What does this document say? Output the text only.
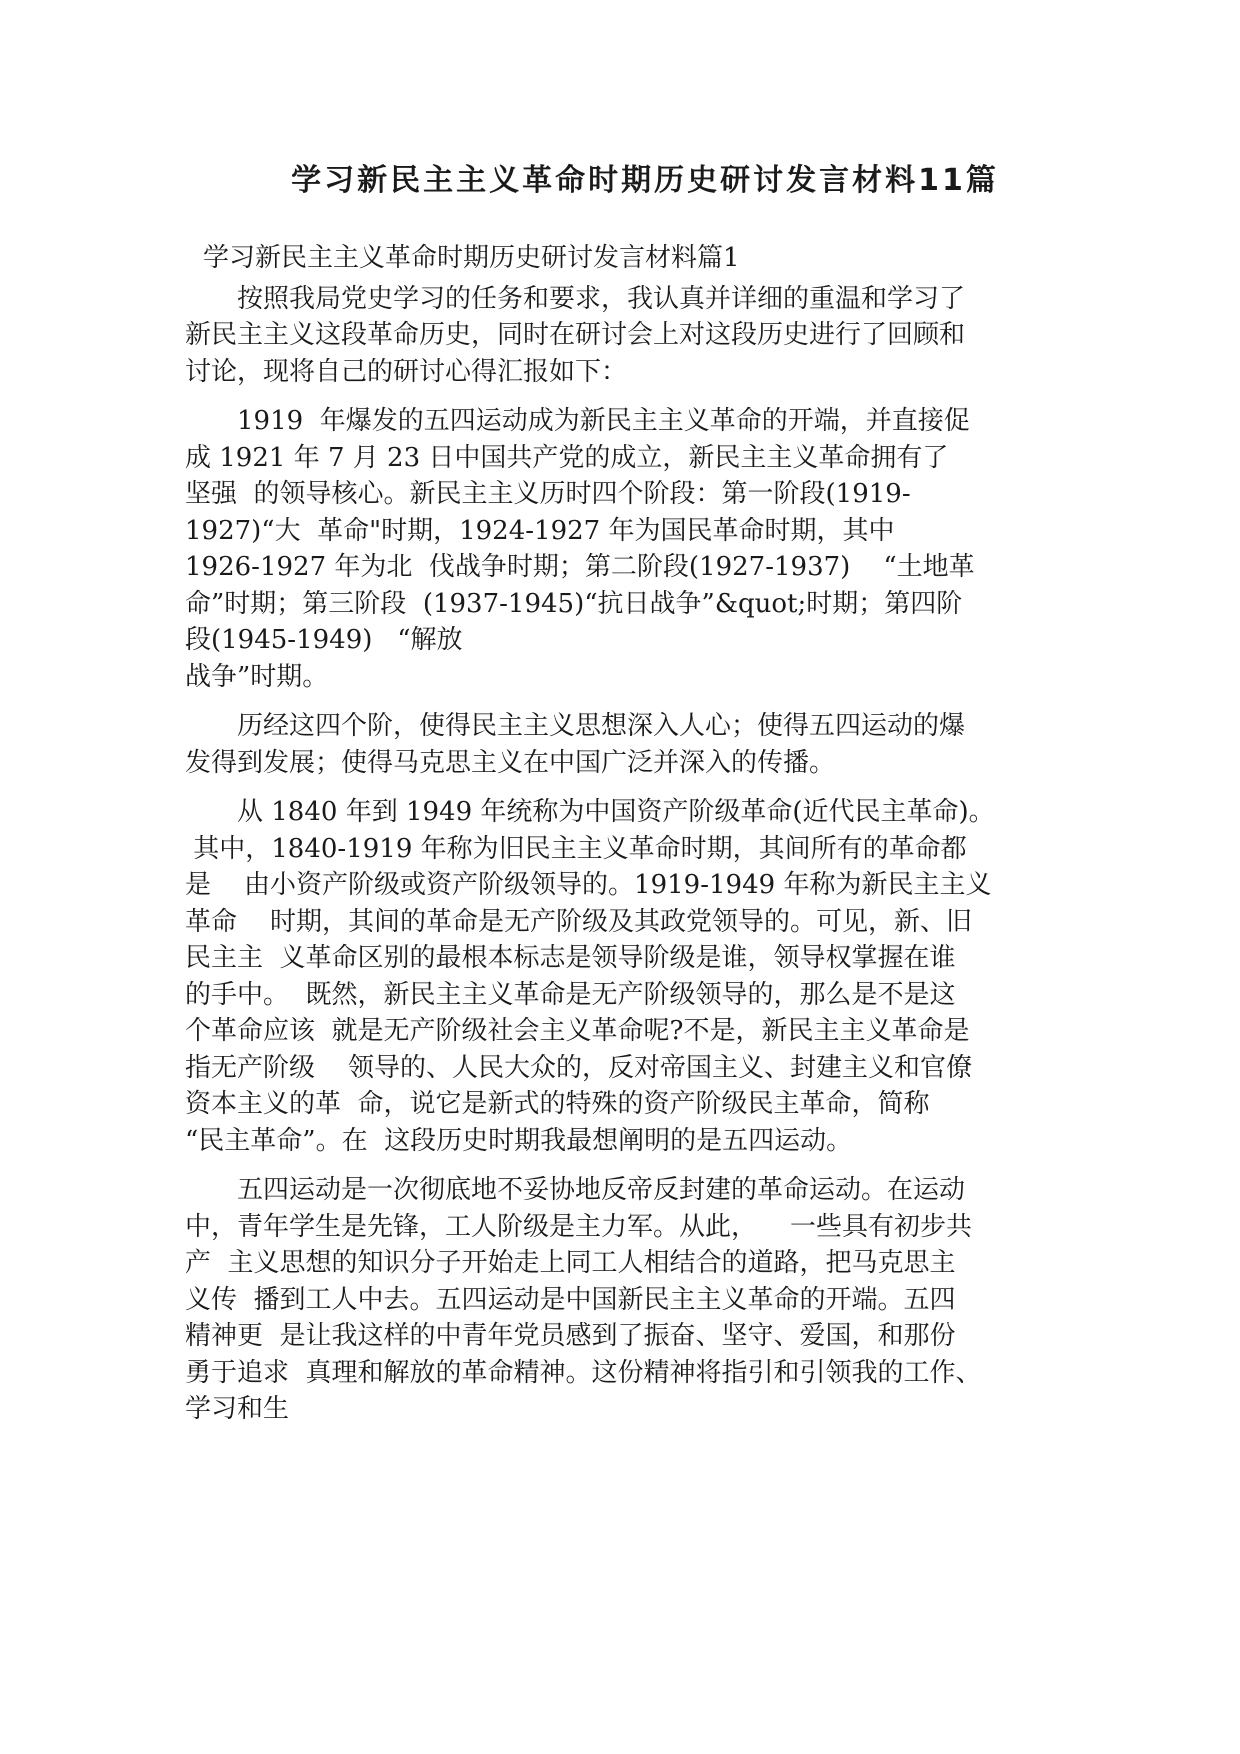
学习新民主主义革命时期历史研讨发言材料11篇
学习新民主主义革命时期历史研讨发言材料篇1
按照我局党史学习的任务和要求，我认真并详细的重温和学习了
新民主主义这段革命历史，同时在研讨会上对这段历史进行了回顾和
讨论，现将自己的研讨心得汇报如下：
1919  年爆发的五四运动成为新民主主义革命的开端，并直接促
成 1921 年 7 月 23 日中国共产党的成立，新民主主义革命拥有了
坚强  的领导核心。新民主主义历时四个阶段：第一阶段(1919-
1927)“大  革命"时期，1924-1927 年为国民革命时期，其中
1926-1927 年为北  伐战争时期；第二阶段(1927-1937)    “土地革
命”时期；第三阶段  (1937-1945)“抗日战争”&quot;时期；第四阶
段(1945-1949)   “解放
战争”时期。
历经这四个阶，使得民主主义思想深入人心；使得五四运动的爆
发得到发展；使得马克思主义在中国广泛并深入的传播。
从 1840 年到 1949 年统称为中国资产阶级革命(近代民主革命)。
其中，1840-1919 年称为旧民主主义革命时期，其间所有的革命都
是    由小资产阶级或资产阶级领导的。1919-1949 年称为新民主主义
革命    时期，其间的革命是无产阶级及其政党领导的。可见，新、旧
民主主  义革命区别的最根本标志是领导阶级是谁，领导权掌握在谁
的手中。  既然，新民主主义革命是无产阶级领导的，那么是不是这
个革命应该  就是无产阶级社会主义革命呢?不是，新民主主义革命是
指无产阶级    领导的、人民大众的，反对帝国主义、封建主义和官僚
资本主义的革  命，说它是新式的特殊的资产阶级民主革命，简称
“民主革命”。在  这段历史时期我最想阐明的是五四运动。
五四运动是一次彻底地不妥协地反帝反封建的革命运动。在运动
中，青年学生是先锋，工人阶级是主力军。从此，    一些具有初步共
产  主义思想的知识分子开始走上同工人相结合的道路，把马克思主
义传  播到工人中去。五四运动是中国新民主主义革命的开端。五四
精神更  是让我这样的中青年党员感到了振奋、坚守、爱国，和那份
勇于追求  真理和解放的革命精神。这份精神将指引和引领我的工作、
学习和生
